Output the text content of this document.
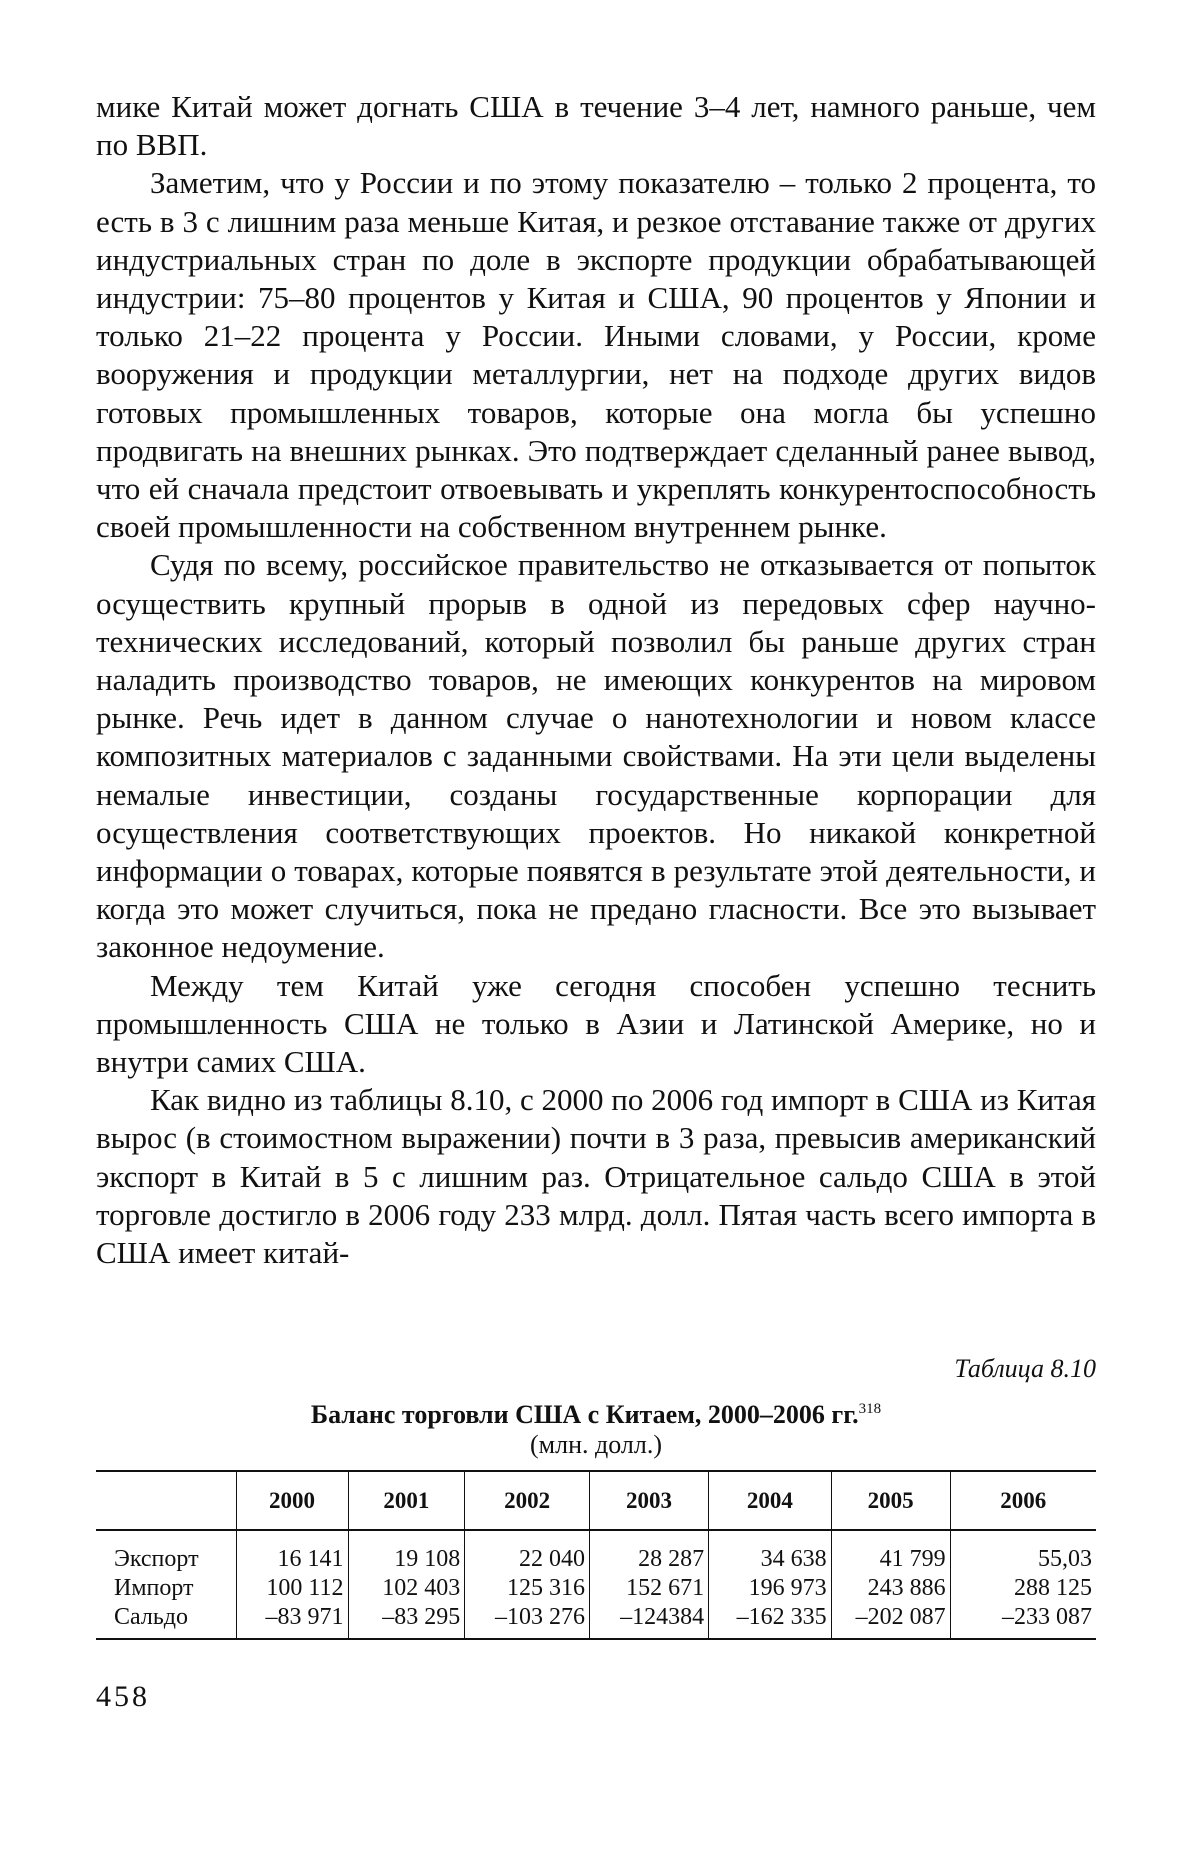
мике Китай может догнать США в течение 3–4 лет, намного раньше, чем по ВВП.

Заметим, что у России и по этому показателю – только 2 процента, то есть в 3 с лишним раза меньше Китая, и резкое отставание также от других индустриальных стран по доле в экспорте продукции обрабатывающей индустрии: 75–80 процентов у Китая и США, 90 процентов у Японии и только 21–22 процента у России. Иными словами, у России, кроме вооружения и продукции металлургии, нет на подходе других видов готовых промышленных товаров, которые она могла бы успешно продвигать на внешних рынках. Это подтверждает сделанный ранее вывод, что ей сначала предстоит отвоевывать и укреплять конкурентоспособность своей промышленности на собственном внутреннем рынке.

Судя по всему, российское правительство не отказывается от попыток осуществить крупный прорыв в одной из передовых сфер научно-технических исследований, который позволил бы раньше других стран наладить производство товаров, не имеющих конкурентов на мировом рынке. Речь идет в данном случае о нанотехнологии и новом классе композитных материалов с заданными свойствами. На эти цели выделены немалые инвестиции, созданы государственные корпорации для осуществления соответствующих проектов. Но никакой конкретной информации о товарах, которые появятся в результате этой деятельности, и когда это может случиться, пока не предано гласности. Все это вызывает законное недоумение.

Между тем Китай уже сегодня способен успешно теснить промышленность США не только в Азии и Латинской Америке, но и внутри самих США.

Как видно из таблицы 8.10, с 2000 по 2006 год импорт в США из Китая вырос (в стоимостном выражении) почти в 3 раза, превысив американский экспорт в Китай в 5 с лишним раз. Отрицательное сальдо США в этой торговле достигло в 2006 году 233 млрд. долл. Пятая часть всего импорта в США имеет китай-

Таблица 8.10
Баланс торговли США с Китаем, 2000–2006 гг.$^{318}$
(млн. долл.)
	2000	2001	2002	2003	2004	2005	2006
Экспорт	16 141	19 108	22 040	28 287	34 638	41 799	55,03
Импорт	100 112	102 403	125 316	152 671	196 973	243 886	288 125
Сальдо	–83 971	–83 295	–103 276	–124384	–162 335	–202 087	–233 087
458
